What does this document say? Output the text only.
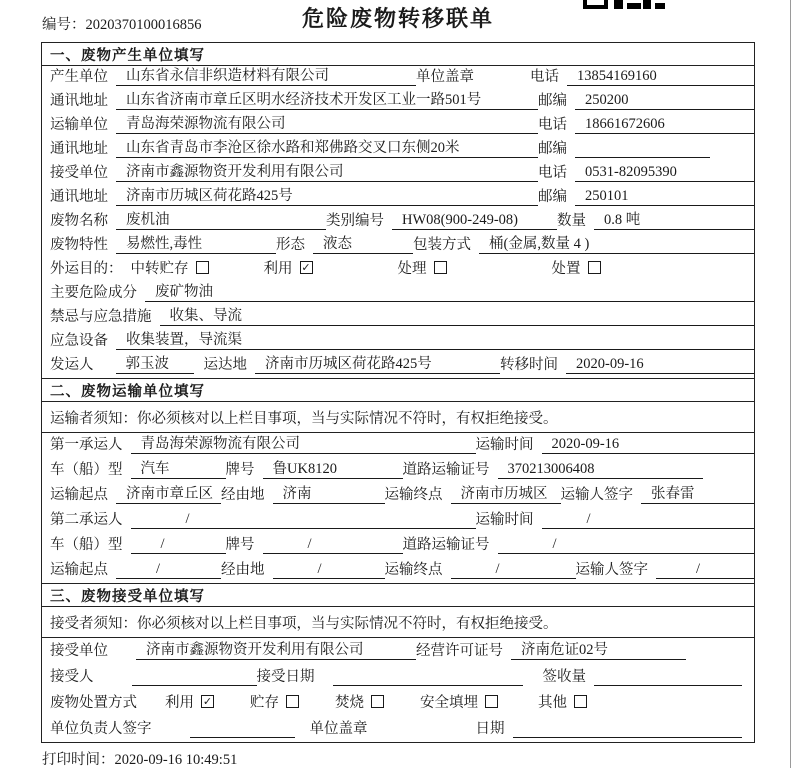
编号：2020370100016856	危险废物转移联单
一、废物产生单位填写
产生单位	山东省永信非织造材料有限公司	单位盖章	电话	13854169160
通讯地址	山东省济南市章丘区明水经济技术开发区工业一路501号	邮编	250200
运输单位	青岛海荣源物流有限公司	电话	18661672606
通讯地址	山东省青岛市李沧区徐水路和郑佛路交叉口东侧20米	邮编
接受单位	济南市鑫源物资开发利用有限公司	电话	0531-82095390
通讯地址	济南市历城区荷花路425号	邮编	250101
废物名称	废机油	类别编号	HW08(900-249-08)	数量	0.8 吨
废物特性	易燃性,毒性	形态	液态	包装方式	桶(金属,数量 4 )
外运目的： 中转贮存	利用 ✓	处理	处置
主要危险成分	废矿物油
禁忌与应急措施	收集、导流
应急设备	收集装置，导流渠
发运人	郭玉波	运达地	济南市历城区荷花路425号	转移时间	2020-09-16
二、废物运输单位填写
运输者须知：你必须核对以上栏目事项，当与实际情况不符时，有权拒绝接受。
第一承运人	青岛海荣源物流有限公司	运输时间	2020-09-16
车（船）型	汽车	牌号	鲁UK8120	道路运输证号	370213006408
运输起点	济南市章丘区 经由地	济南	运输终点	济南市历城区 运输人签字	张春雷
第二承运人	/	运输时间	/
车（船）型	/	牌号	/	道路运输证号	/
运输起点	/	经由地	/	运输终点	/	运输人签字	/
三、废物接受单位填写
接受者须知：你必须核对以上栏目事项，当与实际情况不符时，有权拒绝接受。
接受单位	济南市鑫源物资开发利用有限公司	经营许可证号	济南危证02号
接受人	接受日期	签收量
废物处置方式 利用 ✓	贮存	焚烧	安全填埋	其他
单位负责人签字	单位盖章	日期
打印时间：2020-09-16 10:49:51
